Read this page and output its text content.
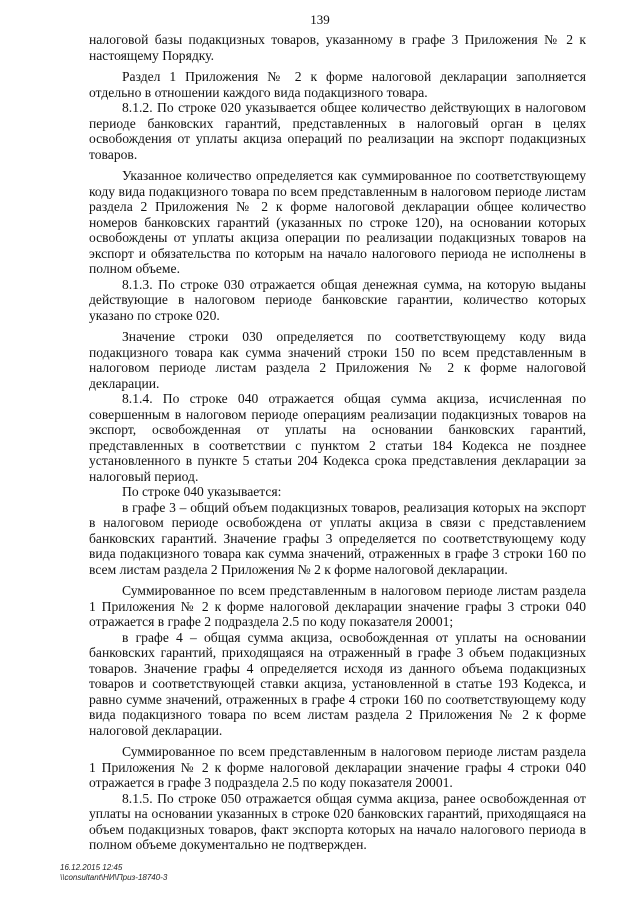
139

налоговой базы подакцизных товаров, указанному в графе 3 Приложения № 2 к настоящему Порядку.

Раздел 1 Приложения № 2 к форме налоговой декларации заполняется отдельно в отношении каждого вида подакцизного товара.

8.1.2. По строке 020 указывается общее количество действующих в налоговом периоде банковских гарантий, представленных в налоговый орган в целях освобождения от уплаты акциза операций по реализации на экспорт подакцизных товаров.

Указанное количество определяется как суммированное по соответствующему коду вида подакцизного товара по всем представленным в налоговом периоде листам раздела 2 Приложения № 2 к форме налоговой декларации общее количество номеров банковских гарантий (указанных по строке 120), на основании которых освобождены от уплаты акциза операции по реализации подакцизных товаров на экспорт и обязательства по которым на начало налогового периода не исполнены в полном объеме.

8.1.3. По строке 030 отражается общая денежная сумма, на которую выданы действующие в налоговом периоде банковские гарантии, количество которых указано по строке 020.

Значение строки 030 определяется по соответствующему коду вида подакцизного товара как сумма значений строки 150 по всем представленным в налоговом периоде листам раздела 2 Приложения № 2 к форме налоговой декларации.

8.1.4. По строке 040 отражается общая сумма акциза, исчисленная по совершенным в налоговом периоде операциям реализации подакцизных товаров на экспорт, освобожденная от уплаты на основании банковских гарантий, представленных в соответствии с пунктом 2 статьи 184 Кодекса не позднее установленного в пункте 5 статьи 204 Кодекса срока представления декларации за налоговый период.

По строке 040 указывается:

в графе 3 – общий объем подакцизных товаров, реализация которых на экспорт в налоговом периоде освобождена от уплаты акциза в связи с представлением банковских гарантий. Значение графы 3 определяется по соответствующему коду вида подакцизного товара как сумма значений, отраженных в графе 3 строки 160 по всем листам раздела 2 Приложения № 2 к форме налоговой декларации.

Суммированное по всем представленным в налоговом периоде листам раздела 1 Приложения № 2 к форме налоговой декларации значение графы 3 строки 040 отражается в графе 2 подраздела 2.5 по коду показателя 20001;

в графе 4 – общая сумма акциза, освобожденная от уплаты на основании банковских гарантий, приходящаяся на отраженный в графе 3 объем подакцизных товаров. Значение графы 4 определяется исходя из данного объема подакцизных товаров и соответствующей ставки акциза, установленной в статье 193 Кодекса, и равно сумме значений, отраженных в графе 4 строки 160 по соответствующему коду вида подакцизного товара по всем листам раздела 2 Приложения № 2 к форме налоговой декларации.

Суммированное по всем представленным в налоговом периоде листам раздела 1 Приложения № 2 к форме налоговой декларации значение графы 4 строки 040 отражается в графе 3 подраздела 2.5 по коду показателя 20001.

8.1.5. По строке 050 отражается общая сумма акциза, ранее освобожденная от уплаты на основании указанных в строке 020 банковских гарантий, приходящаяся на объем подакцизных товаров, факт экспорта которых на начало налогового периода в полном объеме документально не подтвержден.

16.12.2015 12:45
\\consultant\НИ\Приз-18740-3
